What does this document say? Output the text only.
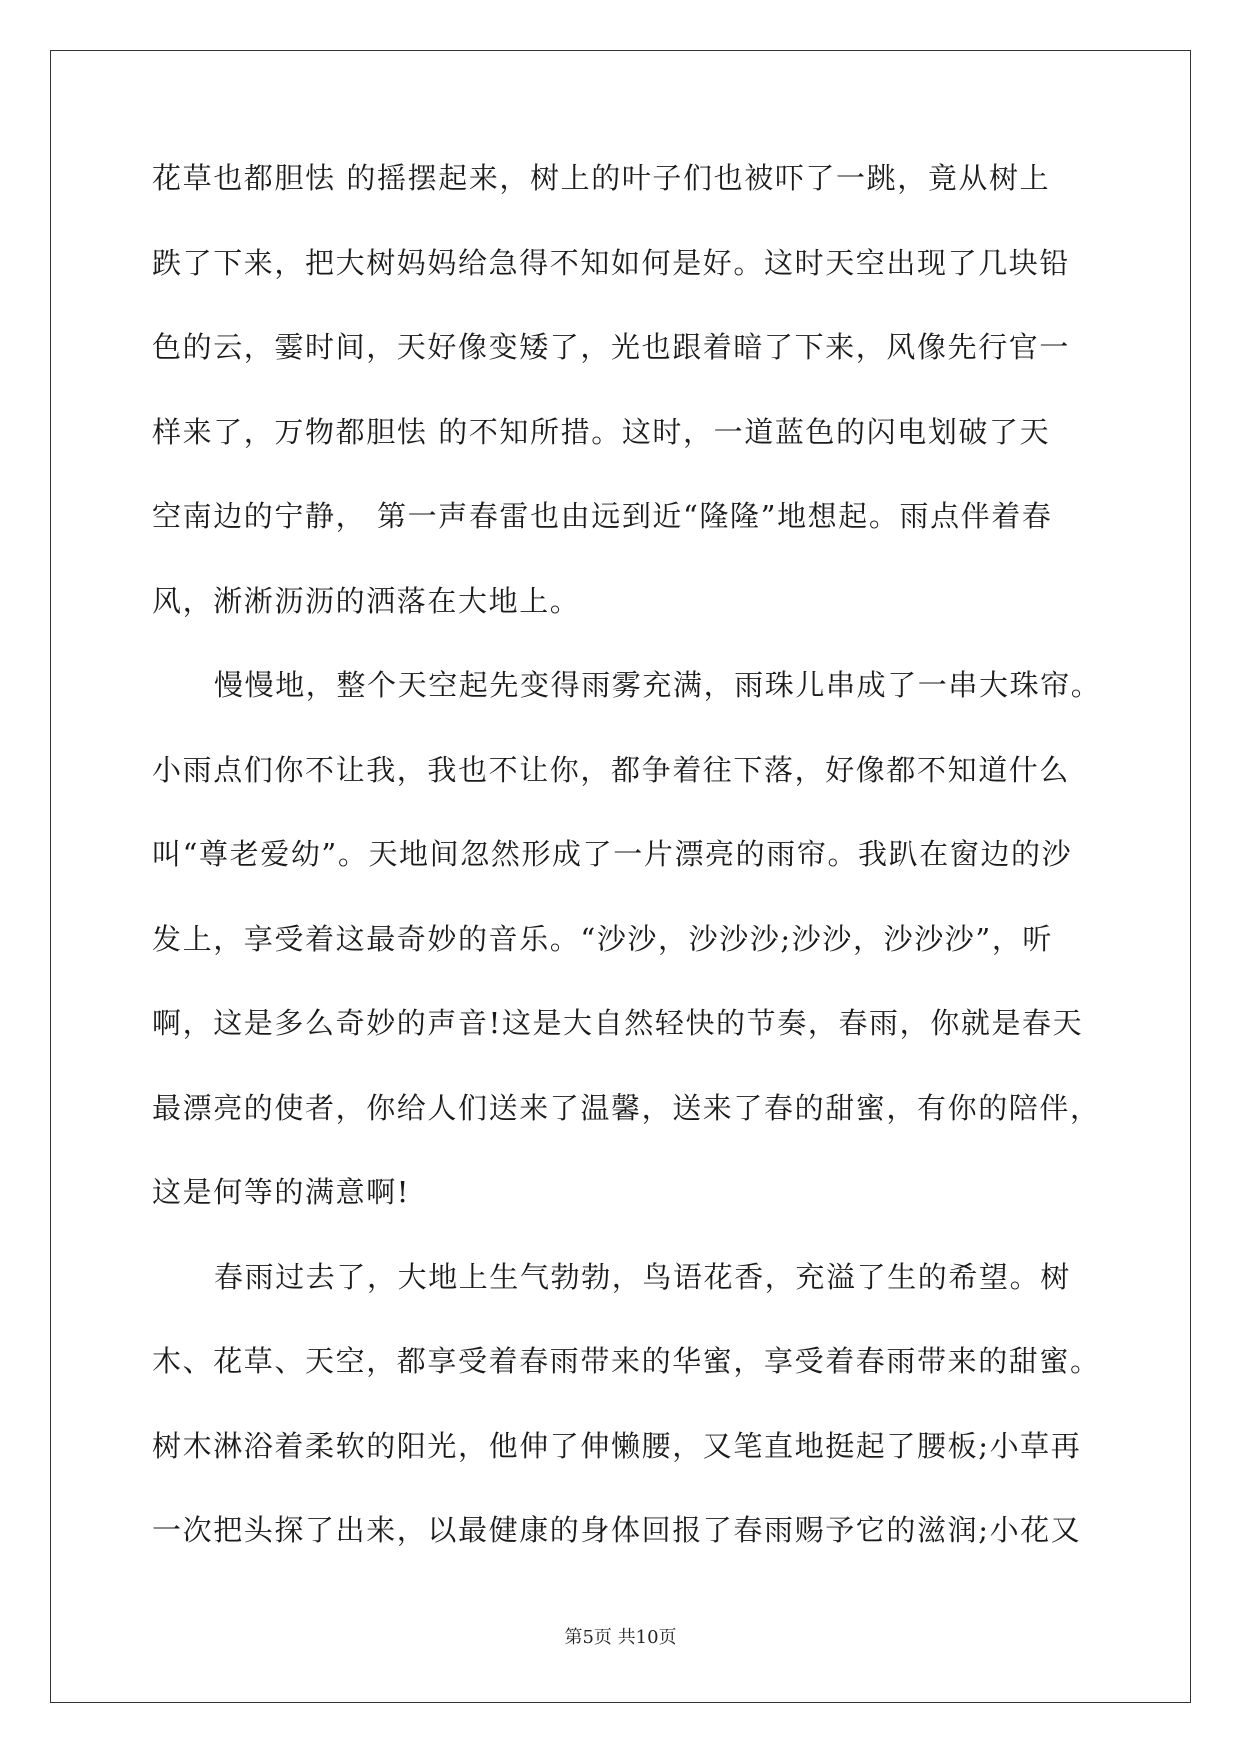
花草也都胆怯 的摇摆起来，树上的叶子们也被吓了一跳，竟从树上
跌了下来，把大树妈妈给急得不知如何是好。这时天空出现了几块铅
色的云，霎时间，天好像变矮了，光也跟着暗了下来，风像先行官一
样来了，万物都胆怯 的不知所措。这时，一道蓝色的闪电划破了天
空南边的宁静， 第一声春雷也由远到近“隆隆”地想起。雨点伴着春
风，淅淅沥沥的洒落在大地上。
慢慢地，整个天空起先变得雨雾充满，雨珠儿串成了一串大珠帘。
小雨点们你不让我，我也不让你，都争着往下落，好像都不知道什么
叫“尊老爱幼”。天地间忽然形成了一片漂亮的雨帘。我趴在窗边的沙
发上，享受着这最奇妙的音乐。“沙沙，沙沙沙;沙沙，沙沙沙”，听
啊，这是多么奇妙的声音!这是大自然轻快的节奏，春雨，你就是春天
最漂亮的使者，你给人们送来了温馨，送来了春的甜蜜，有你的陪伴，
这是何等的满意啊!
春雨过去了，大地上生气勃勃，鸟语花香，充溢了生的希望。树
木、花草、天空，都享受着春雨带来的华蜜，享受着春雨带来的甜蜜。
树木淋浴着柔软的阳光，他伸了伸懒腰，又笔直地挺起了腰板;小草再
一次把头探了出来，以最健康的身体回报了春雨赐予它的滋润;小花又
第5页 共10页
